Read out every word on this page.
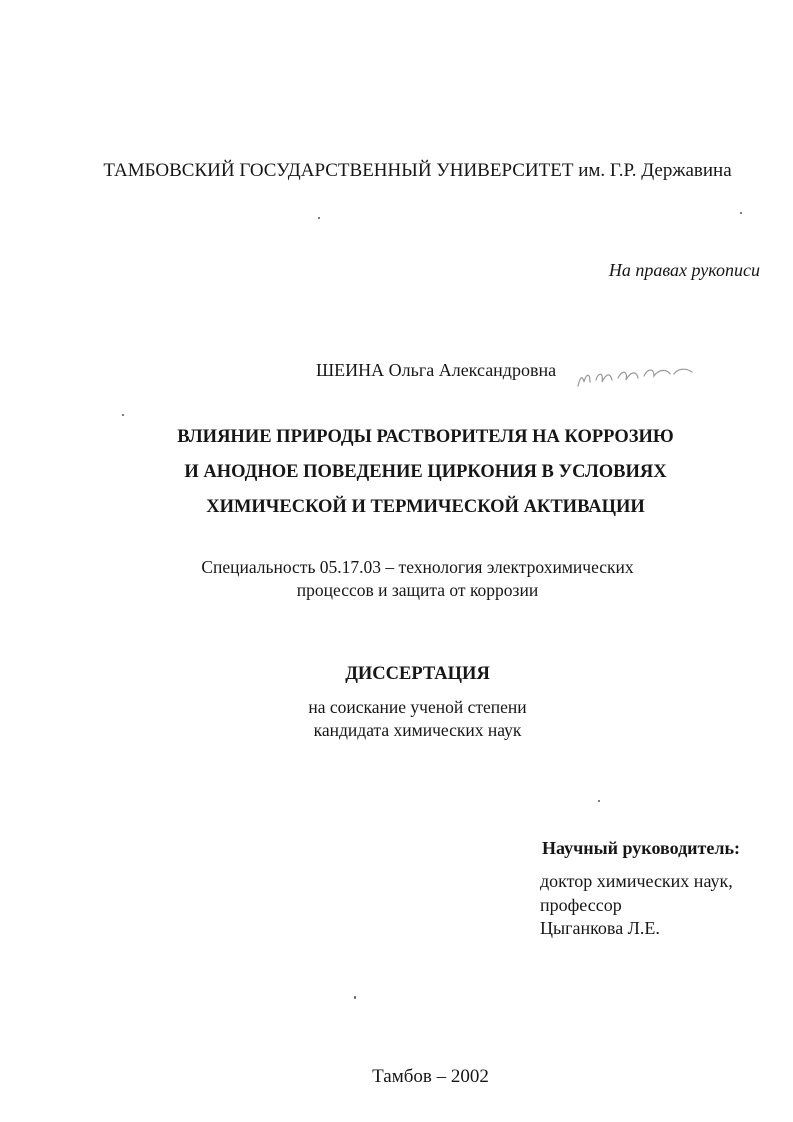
ТАМБОВСКИЙ ГОСУДАРСТВЕННЫЙ УНИВЕРСИТЕТ им. Г.Р. Державина
На правах рукописи
ШЕИНА Ольга Александровна
ВЛИЯНИЕ ПРИРОДЫ РАСТВОРИТЕЛЯ НА КОРРОЗИЮ
И АНОДНОЕ ПОВЕДЕНИЕ ЦИРКОНИЯ В УСЛОВИЯХ
ХИМИЧЕСКОЙ И ТЕРМИЧЕСКОЙ АКТИВАЦИИ
Специальность 05.17.03 – технология электрохимических
процессов и защита от коррозии
ДИССЕРТАЦИЯ
на соискание ученой степени
кандидата химических наук
Научный руководитель:
доктор химических наук,
профессор
Цыганкова Л.Е.
Тамбов – 2002
